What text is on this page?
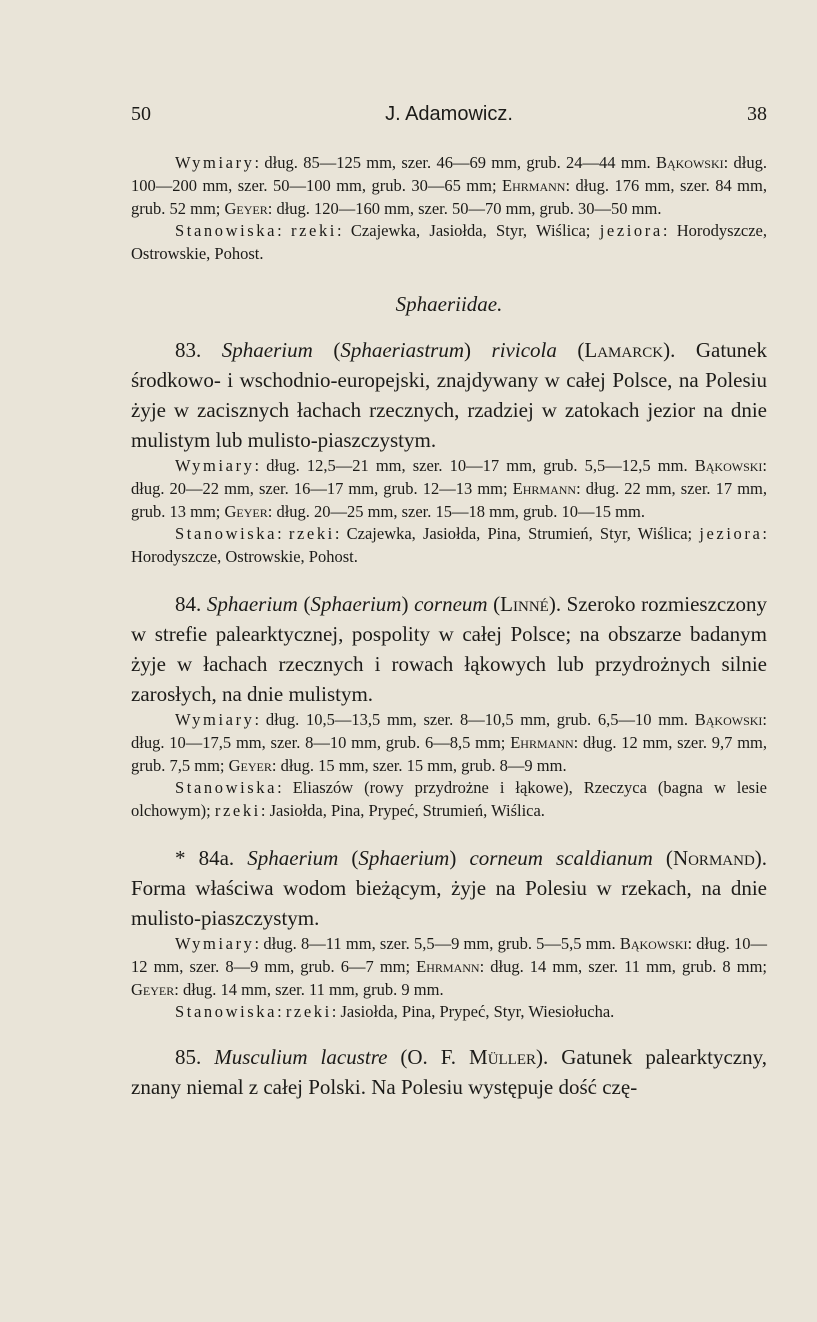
50	J. Adamowicz.	38

Wymiary: dług. 85—125 mm, szer. 46—69 mm, grub. 24—44 mm. Bąkowski: dług. 100—200 mm, szer. 50—100 mm, grub. 30—65 mm; Ehrmann: dług. 176 mm, szer. 84 mm, grub. 52 mm; Geyer: dług. 120—160 mm, szer. 50—70 mm, grub. 30—50 mm.

Stanowiska: rzeki: Czajewka, Jasiołda, Styr, Wiślica; jeziora: Horodyszcze, Ostrowskie, Pohost.

Sphaeriidae.

83. Sphaerium (Sphaeriastrum) rivicola (Lamarck). Gatunek środkowo- i wschodnio-europejski, znajdywany w całej Polsce, na Polesiu żyje w zacisznych łachach rzecznych, rzadziej w zatokach jezior na dnie mulistym lub mulisto-piaszczystym.

Wymiary: dług. 12,5—21 mm, szer. 10—17 mm, grub. 5,5—12,5 mm. Bąkowski: dług. 20—22 mm, szer. 16—17 mm, grub. 12—13 mm; Ehrmann: dług. 22 mm, szer. 17 mm, grub. 13 mm; Geyer: dług. 20—25 mm, szer. 15—18 mm, grub. 10—15 mm.

Stanowiska: rzeki: Czajewka, Jasiołda, Pina, Strumień, Styr, Wiślica; jeziora: Horodyszcze, Ostrowskie, Pohost.

84. Sphaerium (Sphaerium) corneum (Linné). Szeroko rozmieszczony w strefie palearktycznej, pospolity w całej Polsce; na obszarze badanym żyje w łachach rzecznych i rowach łąkowych lub przydrożnych silnie zarosłych, na dnie mulistym.

Wymiary: dług. 10,5—13,5 mm, szer. 8—10,5 mm, grub. 6,5—10 mm. Bąkowski: dług. 10—17,5 mm, szer. 8—10 mm, grub. 6—8,5 mm; Ehrmann: dług. 12 mm, szer. 9,7 mm, grub. 7,5 mm; Geyer: dług. 15 mm, szer. 15 mm, grub. 8—9 mm.

Stanowiska: Eliaszów (rowy przydrożne i łąkowe), Rzeczyca (bagna w lesie olchowym); rzeki: Jasiołda, Pina, Prypeć, Strumień, Wiślica.

* 84a. Sphaerium (Sphaerium) corneum scaldianum (Normand). Forma właściwa wodom bieżącym, żyje na Polesiu w rzekach, na dnie mulisto-piaszczystym.

Wymiary: dług. 8—11 mm, szer. 5,5—9 mm, grub. 5—5,5 mm. Bąkowski: dług. 10—12 mm, szer. 8—9 mm, grub. 6—7 mm; Ehrmann: dług. 14 mm, szer. 11 mm, grub. 8 mm; Geyer: dług. 14 mm, szer. 11 mm, grub. 9 mm.

Stanowiska: rzeki: Jasiołda, Pina, Prypeć, Styr, Wiesiołucha.

85. Musculium lacustre (O. F. Müller). Gatunek palearktyczny, znany niemal z całej Polski. Na Polesiu występuje dość czę-
